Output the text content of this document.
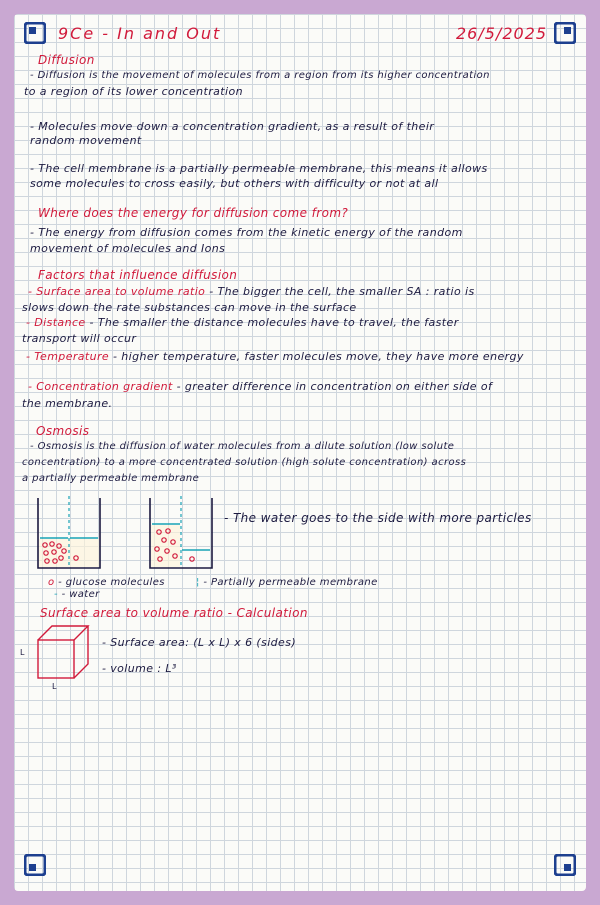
9Ce - In and Out	26/5/2025
Diffusion
- Diffusion is the movement of molecules from a region from its higher concentration
to a region of its lower concentration
- Molecules move down a concentration gradient, as a result of their
random movement
- The cell membrane is a partially permeable membrane, this means it allows
some molecules to cross easily, but others with difficulty or not at all
Where does the energy for diffusion come from?
- The energy from diffusion comes from the kinetic energy of the random
movement of molecules and Ions
Factors that influence diffusion
- Surface area to volume ratio - The bigger the cell, the smaller SA : ratio is
slows down the rate substances can move in the surface
- Distance - The smaller the distance molecules have to travel, the faster
transport will occur
- Temperature - higher temperature, faster molecules move, they have more energy
- Concentration gradient - greater difference in concentration on either side of
the membrane.
Osmosis
- Osmosis is the diffusion of water molecules from a dilute solution (low solute
concentration) to a more concentrated solution (high solute concentration) across
a partially permeable membrane
- The water goes to the side with more particles
o - glucose molecules
- - water
¦ - Partially permeable membrane
Surface area to volume ratio - Calculation
L
L
- Surface area: (L x L) x 6 (sides)
- volume : L³
